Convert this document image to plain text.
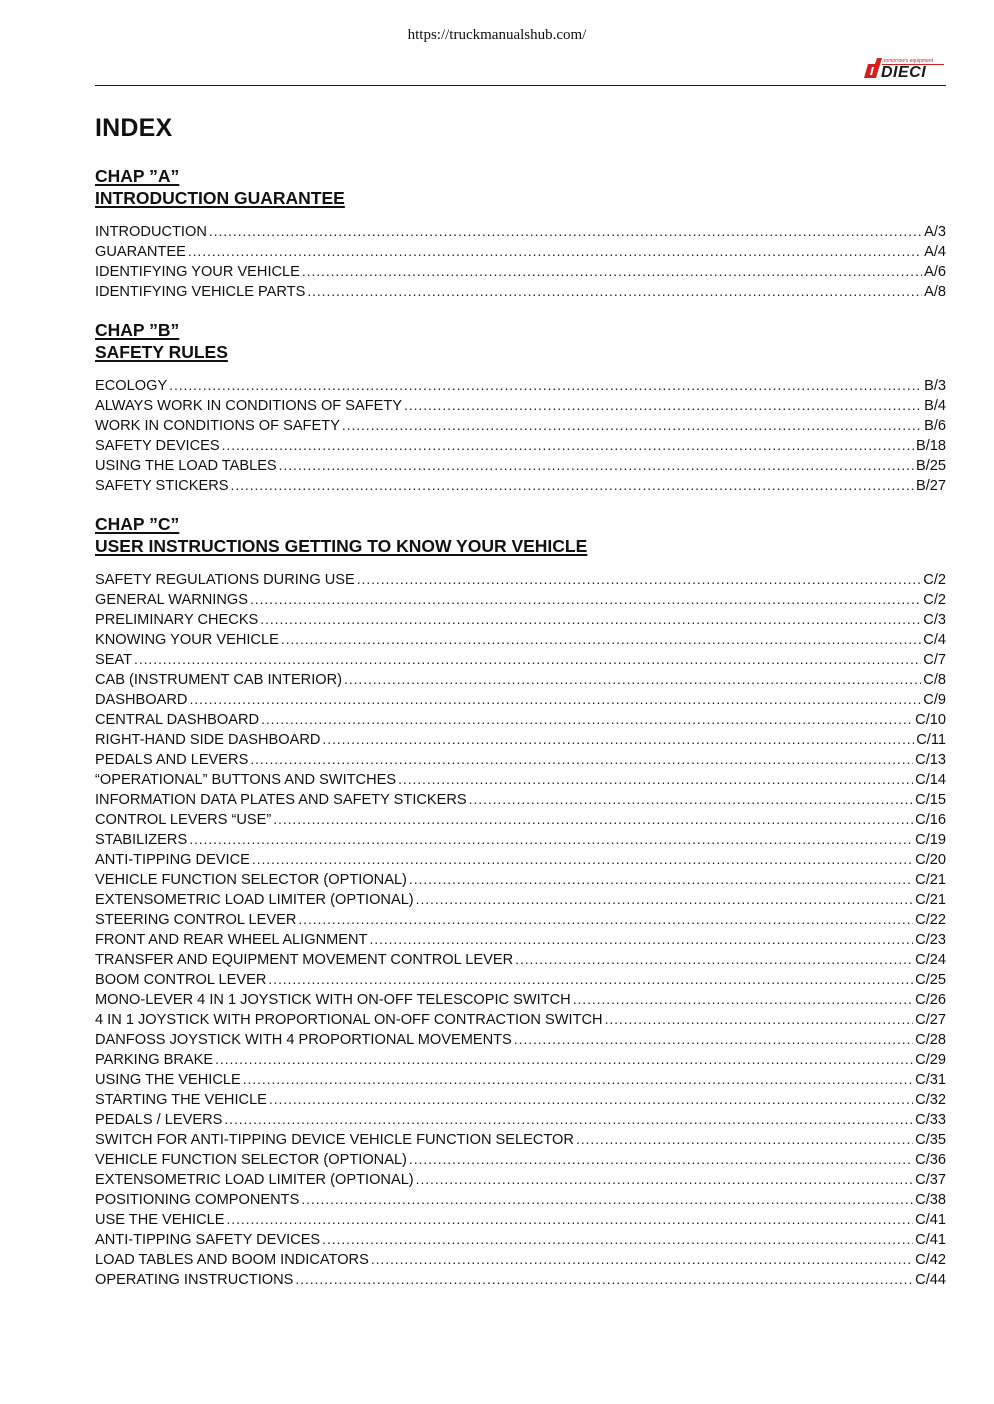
https://truckmanualshub.com/
DIECI
tomorrow's equipment
INDEX
CHAP ”A”
INTRODUCTION GUARANTEE
INTRODUCTION .....	A/3
GUARANTEE .....	A/4
IDENTIFYING YOUR VEHICLE .....	A/6
IDENTIFYING VEHICLE PARTS .....	A/8
CHAP ”B”
SAFETY RULES
ECOLOGY .....	B/3
ALWAYS WORK IN CONDITIONS OF SAFETY .....	B/4
WORK IN CONDITIONS OF SAFETY .....	B/6
SAFETY DEVICES .....	B/18
USING THE LOAD TABLES .....	B/25
SAFETY STICKERS .....	B/27
CHAP ”C”
USER INSTRUCTIONS GETTING TO KNOW YOUR VEHICLE
SAFETY REGULATIONS DURING USE .....	C/2
GENERAL WARNINGS .....	C/2
PRELIMINARY CHECKS .....	C/3
KNOWING YOUR VEHICLE .....	C/4
SEAT .....	C/7
CAB (INSTRUMENT CAB INTERIOR) .....	C/8
DASHBOARD .....	C/9
CENTRAL DASHBOARD .....	C/10
RIGHT-HAND SIDE DASHBOARD .....	C/11
PEDALS AND LEVERS .....	C/13
“OPERATIONAL” BUTTONS AND SWITCHES .....	C/14
INFORMATION DATA PLATES AND SAFETY STICKERS .....	C/15
CONTROL LEVERS “USE” .....	C/16
STABILIZERS .....	C/19
ANTI-TIPPING DEVICE .....	C/20
VEHICLE FUNCTION SELECTOR (OPTIONAL) .....	C/21
EXTENSOMETRIC LOAD LIMITER (OPTIONAL) .....	C/21
STEERING CONTROL LEVER .....	C/22
FRONT AND REAR WHEEL ALIGNMENT .....	C/23
TRANSFER AND EQUIPMENT MOVEMENT CONTROL LEVER .....	C/24
BOOM CONTROL LEVER .....	C/25
MONO-LEVER 4 IN 1 JOYSTICK WITH ON-OFF TELESCOPIC SWITCH .....	C/26
4 IN 1 JOYSTICK WITH PROPORTIONAL ON-OFF CONTRACTION SWITCH .....	C/27
DANFOSS JOYSTICK WITH 4 PROPORTIONAL MOVEMENTS .....	C/28
PARKING BRAKE .....	C/29
USING THE VEHICLE .....	C/31
STARTING THE VEHICLE .....	C/32
PEDALS / LEVERS .....	C/33
SWITCH FOR ANTI-TIPPING DEVICE VEHICLE FUNCTION SELECTOR .....	C/35
VEHICLE FUNCTION SELECTOR (OPTIONAL) .....	C/36
EXTENSOMETRIC LOAD LIMITER (OPTIONAL) .....	C/37
POSITIONING COMPONENTS .....	C/38
USE THE VEHICLE .....	C/41
ANTI-TIPPING SAFETY DEVICES .....	C/41
LOAD TABLES AND BOOM INDICATORS .....	C/42
OPERATING INSTRUCTIONS .....	C/44
